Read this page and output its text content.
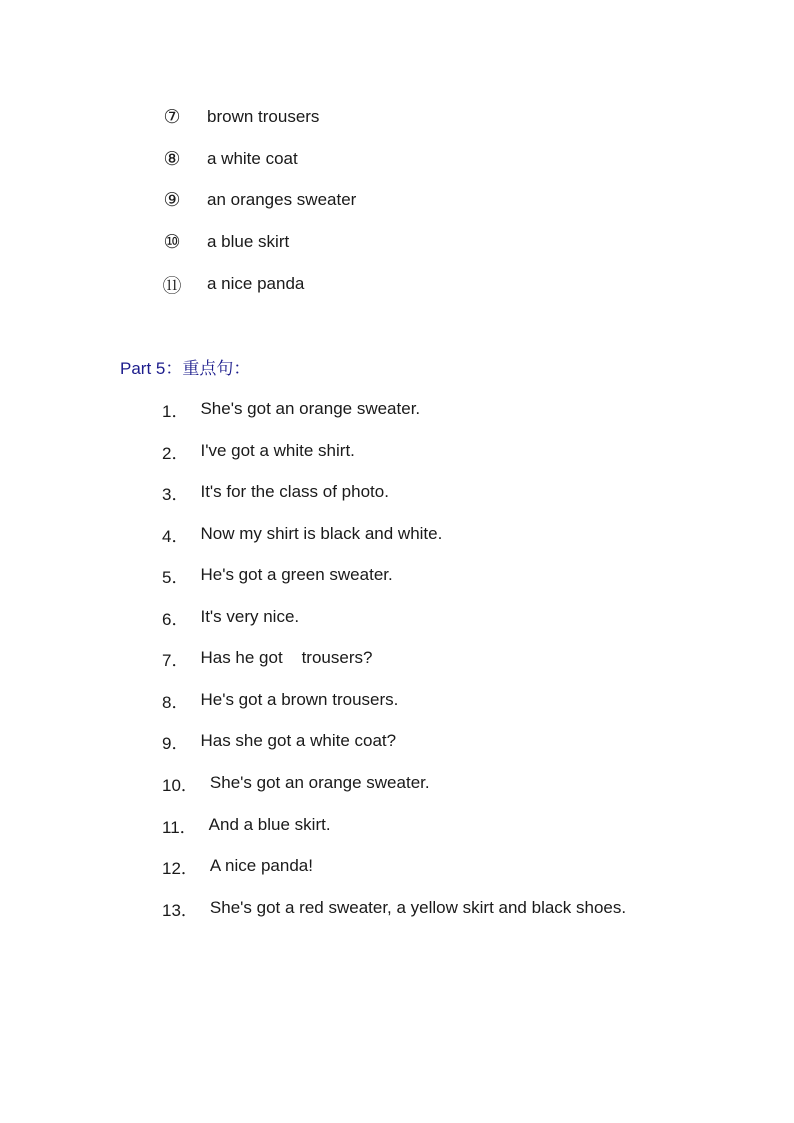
⑦ brown trousers
⑧ a white coat
⑨ an oranges sweater
⑩ a blue skirt
⑪ a nice panda
Part 5：重点句：
1． She's got an orange sweater.
2． I've got a white shirt.
3． It's for the class of photo.
4． Now my shirt is black and white.
5． He's got a green sweater.
6． It's very nice.
7． Has he got    trousers?
8． He's got a brown trousers.
9． Has she got a white coat?
10． She's got an orange sweater.
11． And a blue skirt.
12． A nice panda!
13． She's got a red sweater, a yellow skirt and black shoes.
